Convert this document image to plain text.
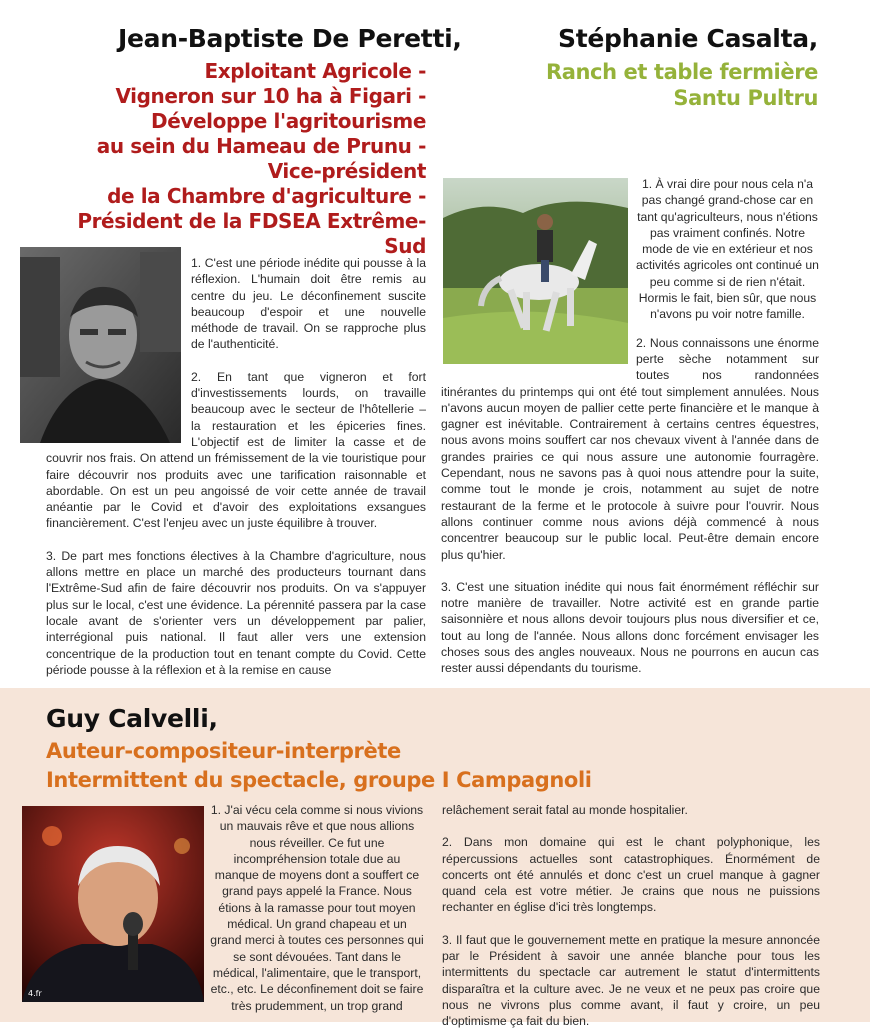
Jean-Baptiste De Peretti,
Exploitant Agricole -
Vigneron sur 10 ha à Figari -
Développe l'agritourisme
au sein du Hameau de Prunu -
Vice-président
de la Chambre d'agriculture -
Président de la FDSEA Extrême-Sud

1. C'est une période inédite qui pousse à la réflexion. L'humain doit être remis au centre du jeu. Le déconfinement suscite beaucoup d'espoir et une nouvelle méthode de travail. On se rapproche plus de l'authenticité.

2. En tant que vigneron et fort d'investissements lourds, on travaille beaucoup avec le secteur de l'hôtellerie – la restauration et les épiceries fines. L'objectif est de limiter la casse et de couvrir nos frais. On attend un frémissement de la vie touristique pour faire découvrir nos produits avec une tarification raisonnable et abordable. On est un peu angoissé de voir cette année de travail anéantie par le Covid et d'avoir des exploitations exsangues financièrement. C'est l'enjeu avec un juste équilibre à trouver.

3. De part mes fonctions électives à la Chambre d'agriculture, nous allons mettre en place un marché des producteurs tournant dans l'Extrême-Sud afin de faire découvrir nos produits. On va s'appuyer plus sur le local, c'est une évidence. La pérennité passera par la case locale avant de s'orienter vers un développement par palier, interrégional puis national. Il faut aller vers une extension concentrique de la production tout en tenant compte du Covid. Cette période pousse à la réflexion et à la remise en cause

Stéphanie Casalta,
Ranch et table fermière
Santu Pultru

1. À vrai dire pour nous cela n'a pas changé grand-chose car en tant qu'agriculteurs, nous n'étions pas vraiment confinés. Notre mode de vie en extérieur et nos activités agricoles ont continué un peu comme si de rien n'était. Hormis le fait, bien sûr, que nous n'avons pu voir notre famille.

2. Nous connaissons une énorme perte sèche notamment sur toutes nos randonnées itinérantes du printemps qui ont été tout simplement annulées. Nous n'avons aucun moyen de pallier cette perte financière et le manque à gagner est inévitable. Contrairement à certains centres équestres, nous avons moins souffert car nos chevaux vivent à l'année dans de grandes prairies ce qui nous assure une autonomie fourragère. Cependant, nous ne savons pas à quoi nous attendre pour la suite, comme tout le monde je crois, notamment au sujet de notre restaurant de la ferme et le protocole à suivre pour l'ouvrir. Nous allons continuer comme nous avions déjà commencé à nous concentrer beaucoup sur le public local. Peut-être demain encore plus qu'hier.

3. C'est une situation inédite qui nous fait énormément réfléchir sur notre manière de travailler. Notre activité est en grande partie saisonnière et nous allons devoir toujours plus nous diversifier et ce, tout au long de l'année. Nous allons donc forcément envisager les choses sous des angles nouveaux. Nous ne pourrons en aucun cas rester aussi dépendants du tourisme.

Guy Calvelli,
Auteur-compositeur-interprète
Intermittent du spectacle, groupe I Campagnoli
4.fr

1. J'ai vécu cela comme si nous vivions un mauvais rêve et que nous allions nous réveiller. Ce fut une incompréhension totale due au manque de moyens dont a souffert ce grand pays appelé la France. Nous étions à la ramasse pour tout moyen médical. Un grand chapeau et un grand merci à toutes ces personnes qui se sont dévouées. Tant dans le médical, l'alimentaire, que le transport, etc., etc. Le déconfinement doit se faire très prudemment, un trop grand

relâchement serait fatal au monde hospitalier.

2. Dans mon domaine qui est le chant polyphonique, les répercussions actuelles sont catastrophiques. Énormément de concerts ont été annulés et donc c'est un cruel manque à gagner quand cela est votre métier. Je crains que nous ne puissions rechanter en église d'ici très longtemps.

3. Il faut que le gouvernement mette en pratique la mesure annoncée par le Président à savoir une année blanche pour tous les intermittents du spectacle car autrement le statut d'intermittents disparaîtra et la culture avec. Je ne veux et ne peux pas croire que nous ne vivrons plus comme avant, il faut y croire, un peu d'optimisme ça fait du bien.
